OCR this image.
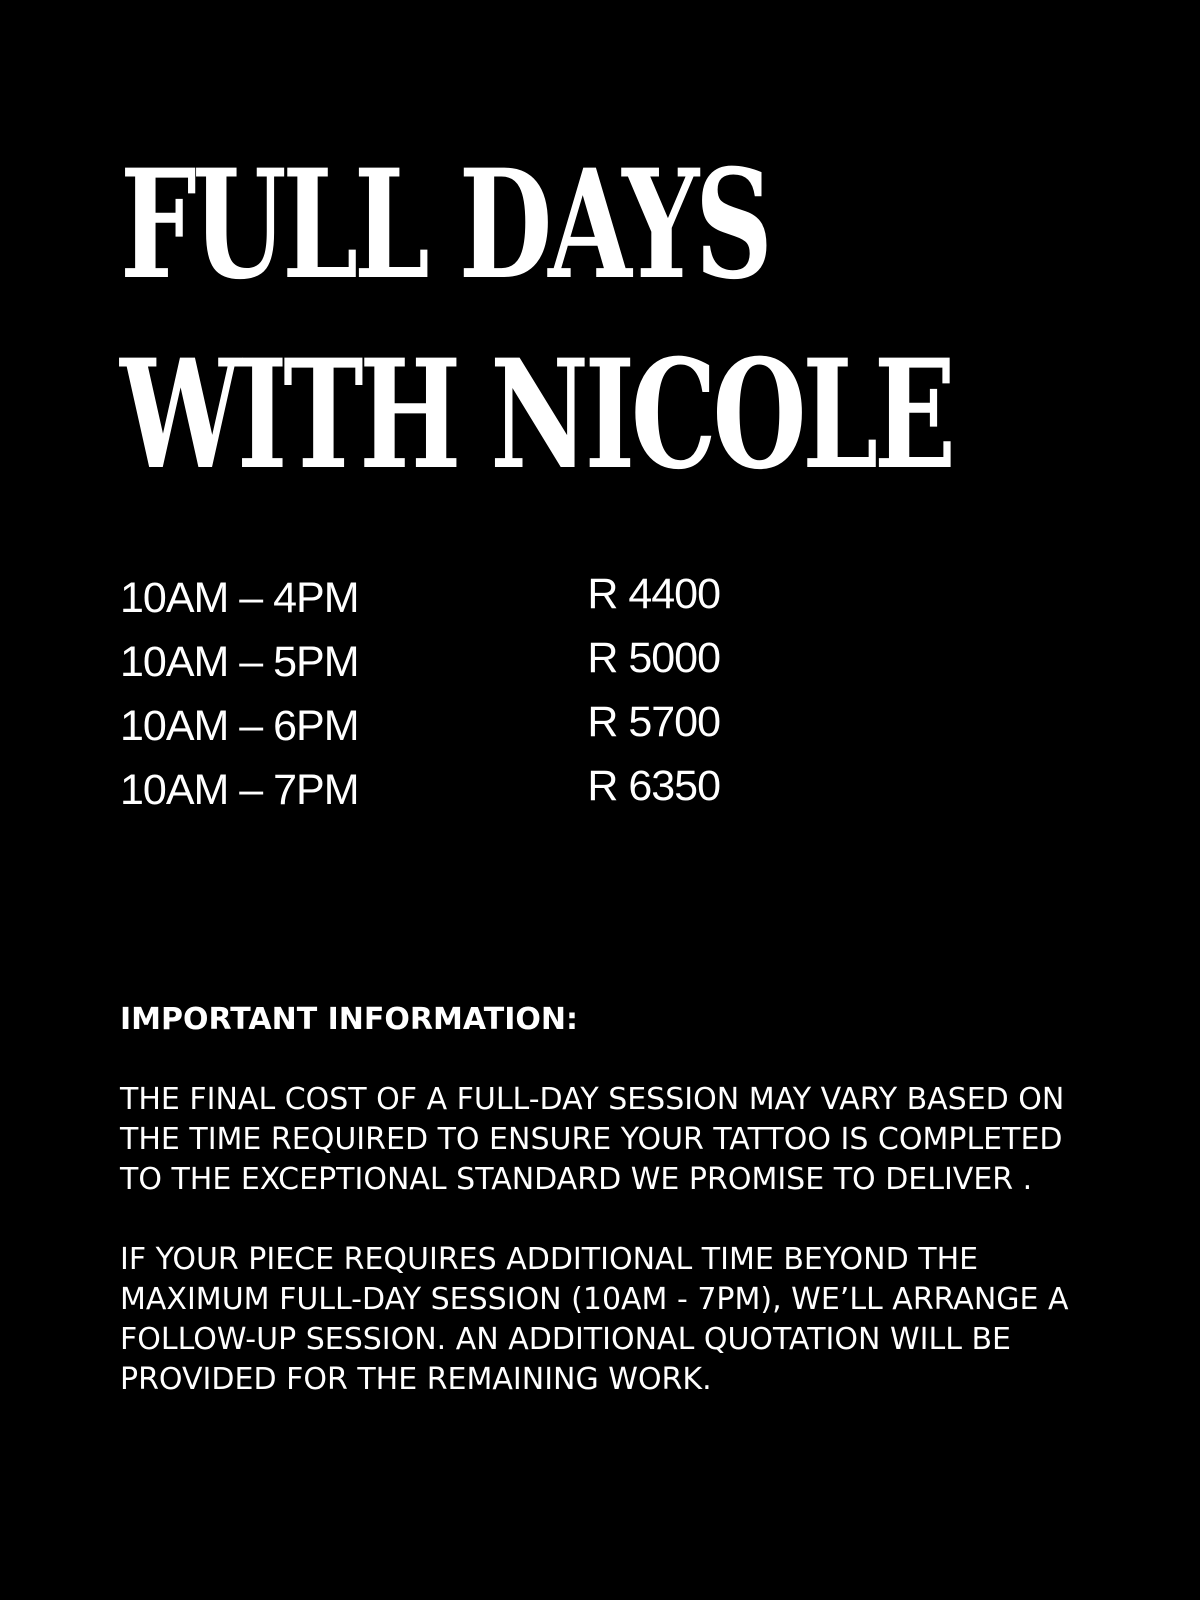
FULL DAYS
WITH NICOLE
10AM – 4PM	R 4400
10AM – 5PM	R 5000
10AM – 6PM	R 5700
10AM – 7PM	R 6350

IMPORTANT INFORMATION:

THE FINAL COST OF A FULL-DAY SESSION MAY VARY BASED ON THE TIME REQUIRED TO ENSURE YOUR TATTOO IS COMPLETED TO THE EXCEPTIONAL STANDARD WE PROMISE TO DELIVER .

IF YOUR PIECE REQUIRES ADDITIONAL TIME BEYOND THE MAXIMUM FULL-DAY SESSION (10AM - 7PM), WE’LL ARRANGE A FOLLOW-UP SESSION. AN ADDITIONAL QUOTATION WILL BE PROVIDED FOR THE REMAINING WORK.
